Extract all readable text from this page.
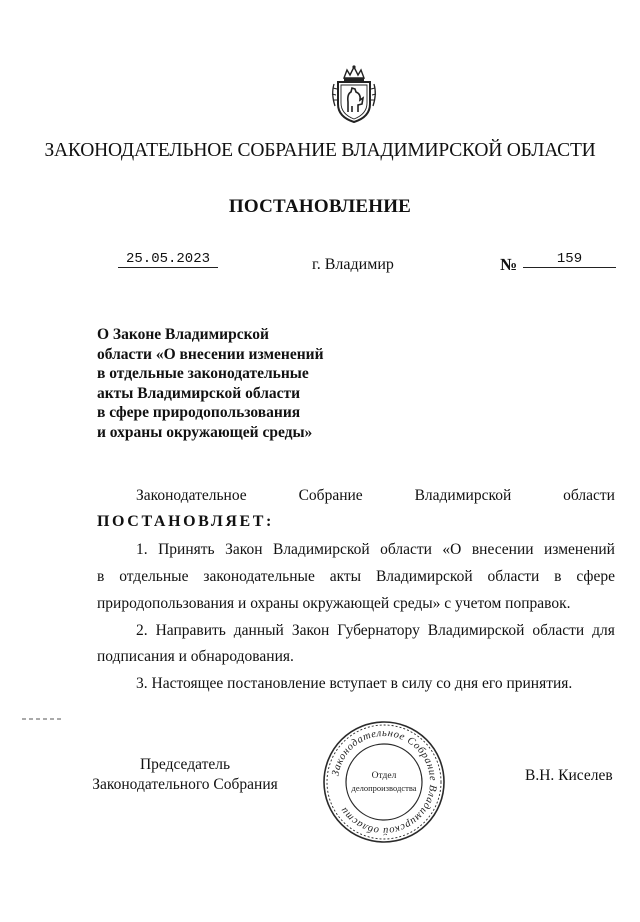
ЗАКОНОДАТЕЛЬНОЕ СОБРАНИЕ ВЛАДИМИРСКОЙ ОБЛАСТИ
ПОСТАНОВЛЕНИЕ
25.05.2023	г. Владимир	№	159
О Законе Владимирской
области «О внесении изменений
в отдельные законодательные
акты Владимирской области
в сфере природопользования
и охраны окружающей среды»
Законодательное	Собрание	Владимирской	области
ПОСТАНОВЛЯЕТ:
1. Принять Закон Владимирской области «О внесении изменений
в отдельные законодательные акты Владимирской области в сфере
природопользования и охраны окружающей среды» с учетом поправок.
2. Направить данный Закон Губернатору Владимирской области для
подписания и обнародования.
3. Настоящее постановление вступает в силу со дня его принятия.
Председатель
Законодательного Собрания
Законодательное Собрание Владимирской области
Отдел
делопроизводства
В.Н. Киселев
